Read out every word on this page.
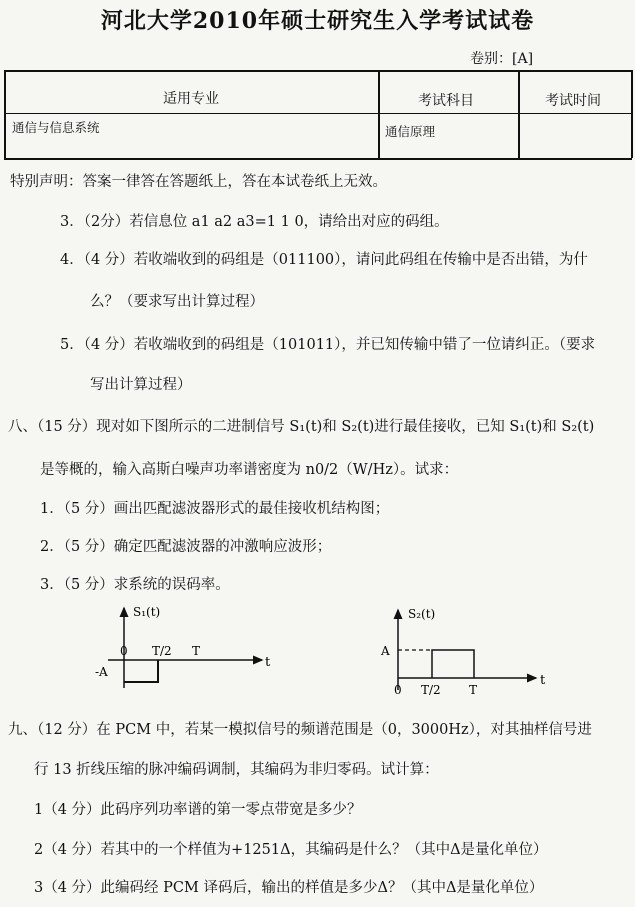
河北大学2010年硕士研究生入学考试试卷
卷别：[A]
适用专业	考试科目	考试时间
通信与信息系统	通信原理
特别声明：答案一律答在答题纸上，答在本试卷纸上无效。
3．（2分）若信息位 a1 a2 a3=1 1 0，请给出对应的码组。
4．（4 分）若收端收到的码组是（011100），请问此码组在传输中是否出错，为什
么？（要求写出计算过程）
5．（4 分）若收端收到的码组是（101011），并已知传输中错了一位请纠正。（要求
写出计算过程）
八、（15 分）现对如下图所示的二进制信号 S₁(t)和 S₂(t)进行最佳接收，已知 S₁(t)和 S₂(t)
是等概的，输入高斯白噪声功率谱密度为 n0/2（W/Hz）。试求：
1．（5 分）画出匹配滤波器形式的最佳接收机结构图；
2．（5 分）确定匹配滤波器的冲激响应波形；
3．（5 分）求系统的误码率。
S₁(t)
0 T/2 T
t
-A
S₂(t)
A
0 T/2 T
t
九、（12 分）在 PCM 中，若某一模拟信号的频谱范围是（0，3000Hz），对其抽样信号进
行 13 折线压缩的脉冲编码调制，其编码为非归零码。试计算：
1（4 分）此码序列功率谱的第一零点带宽是多少？
2（4 分）若其中的一个样值为+1251Δ，其编码是什么？（其中Δ是量化单位）
3（4 分）此编码经 PCM 译码后，输出的样值是多少Δ？（其中Δ是量化单位）
